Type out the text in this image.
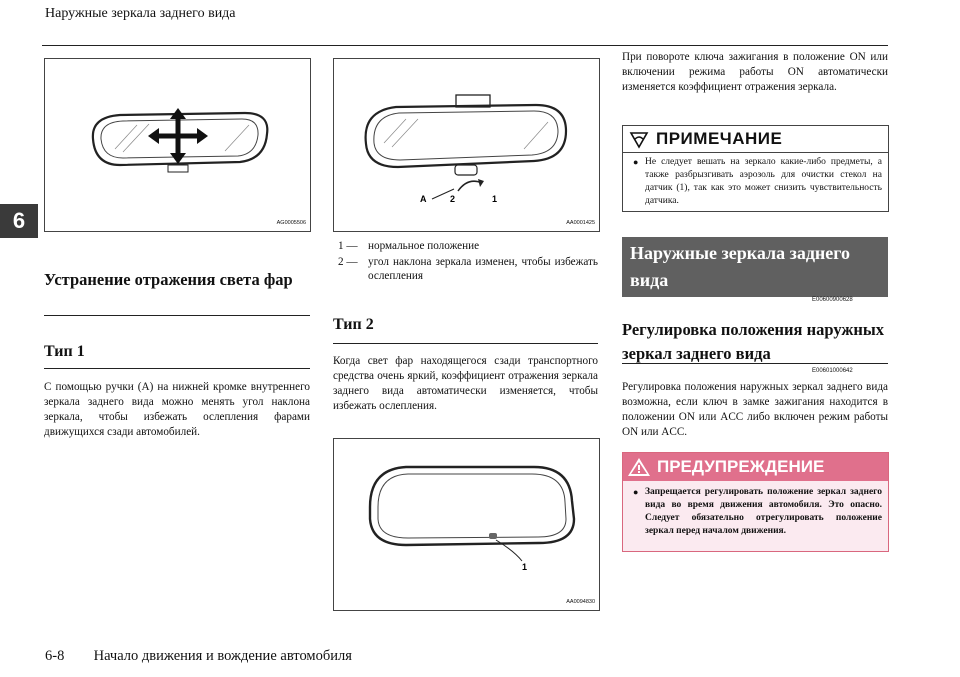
Наружные зеркала заднего вида
6	AG0005506
Устранение отражения света фар
Тип 1
С помощью ручки (A) на нижней кромке внутреннего зеркала заднего вида можно менять угол наклона зеркала, чтобы избежать ослепления фарами движущихся сзади автомобилей.
A	2	1
AA0001425
1 — нормальное положение
2 — угол наклона зеркала изменен, чтобы избежать ослепления
Тип 2
Когда свет фар находящегося сзади транспортного средства очень яркий, коэффициент отражения зеркала заднего вида автоматически изменяется, чтобы избежать ослепления.
1
AA0094830
При повороте ключа зажигания в положение ON или включении режима работы ON автоматически изменяется коэффициент отражения зеркала.
ПРИМЕЧАНИЕ
● Не следует вешать на зеркало какие-либо предметы, а также разбрызгивать аэрозоль для очистки стекол на датчик (1), так как это может снизить чувствительность датчика.
Наружные зеркала заднего вида
E00600900628
Регулировка положения наружных зеркал заднего вида
E00601000642
Регулировка положения наружных зеркал заднего вида возможна, если ключ в замке зажигания находится в положении ON или ACC либо включен режим работы ON или ACC.
ПРЕДУПРЕЖДЕНИЕ
● Запрещается регулировать положение зеркал заднего вида во время движения автомобиля. Это опасно. Следует обязательно отрегулировать положение зеркал перед началом движения.
6-8 Начало движения и вождение автомобиля
